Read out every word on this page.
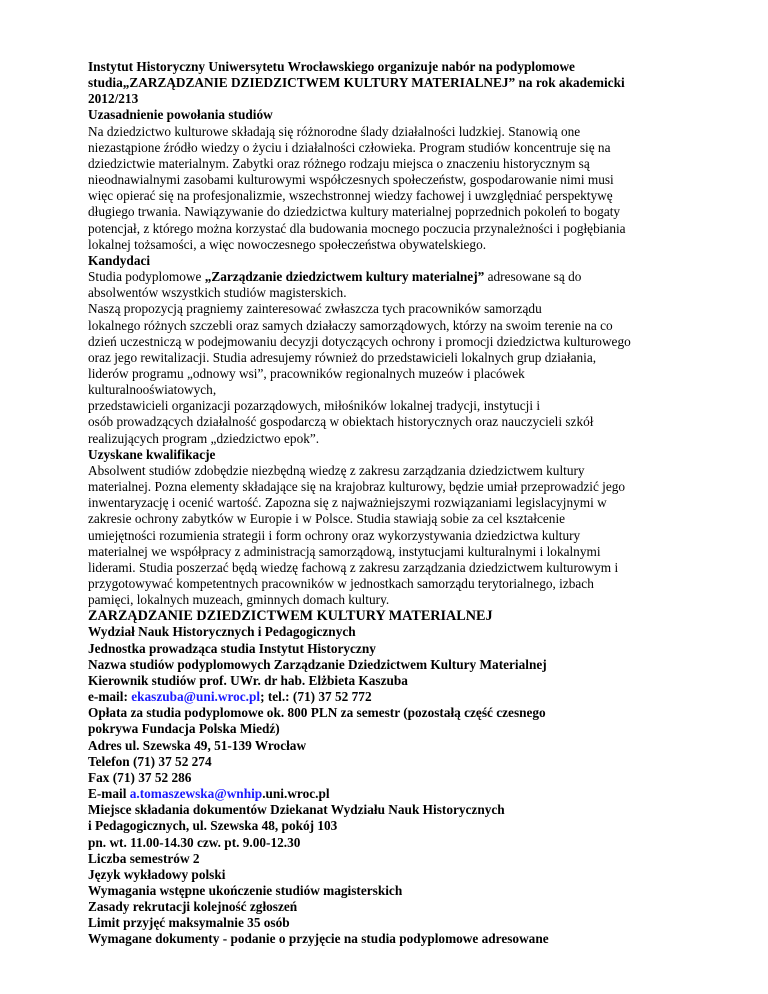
Instytut Historyczny Uniwersytetu Wrocławskiego organizuje nabór na podyplomowe
studia„ZARZĄDZANIE DZIEDZICTWEM KULTURY MATERIALNEJ” na rok akademicki
2012/213
Uzasadnienie powołania studiów
Na dziedzictwo kulturowe składają się różnorodne ślady działalności ludzkiej. Stanowią one
niezastąpione źródło wiedzy o życiu i działalności człowieka. Program studiów koncentruje się na
dziedzictwie materialnym. Zabytki oraz różnego rodzaju miejsca o znaczeniu historycznym są
nieodnawialnymi zasobami kulturowymi współczesnych społeczeństw, gospodarowanie nimi musi
więc opierać się na profesjonalizmie, wszechstronnej wiedzy fachowej i uwzględniać perspektywę
długiego trwania. Nawiązywanie do dziedzictwa kultury materialnej poprzednich pokoleń to bogaty
potencjał, z którego można korzystać dla budowania mocnego poczucia przynależności i pogłębiania
lokalnej tożsamości, a więc nowoczesnego społeczeństwa obywatelskiego.
Kandydaci
Studia podyplomowe „Zarządzanie dziedzictwem kultury materialnej” adresowane są do
absolwentów wszystkich studiów magisterskich.
Naszą propozycją pragniemy zainteresować zwłaszcza tych pracowników samorządu
lokalnego różnych szczebli oraz samych działaczy samorządowych, którzy na swoim terenie na co
dzień uczestniczą w podejmowaniu decyzji dotyczących ochrony i promocji dziedzictwa kulturowego
oraz jego rewitalizacji. Studia adresujemy również do przedstawicieli lokalnych grup działania,
liderów programu „odnowy wsi”, pracowników regionalnych muzeów i placówek
kulturalnooświatowych,
przedstawicieli organizacji pozarządowych, miłośników lokalnej tradycji, instytucji i
osób prowadzących działalność gospodarczą w obiektach historycznych oraz nauczycieli szkół
realizujących program „dziedzictwo epok”.
Uzyskane kwalifikacje
Absolwent studiów zdobędzie niezbędną wiedzę z zakresu zarządzania dziedzictwem kultury
materialnej. Pozna elementy składające się na krajobraz kulturowy, będzie umiał przeprowadzić jego
inwentaryzację i ocenić wartość. Zapozna się z najważniejszymi rozwiązaniami legislacyjnymi w
zakresie ochrony zabytków w Europie i w Polsce. Studia stawiają sobie za cel kształcenie
umiejętności rozumienia strategii i form ochrony oraz wykorzystywania dziedzictwa kultury
materialnej we współpracy z administracją samorządową, instytucjami kulturalnymi i lokalnymi
liderami. Studia poszerzać będą wiedzę fachową z zakresu zarządzania dziedzictwem kulturowym i
przygotowywać kompetentnych pracowników w jednostkach samorządu terytorialnego, izbach
pamięci, lokalnych muzeach, gminnych domach kultury.
ZARZĄDZANIE DZIEDZICTWEM KULTURY MATERIALNEJ
Wydział Nauk Historycznych i Pedagogicznych
Jednostka prowadząca studia Instytut Historyczny
Nazwa studiów podyplomowych Zarządzanie Dziedzictwem Kultury Materialnej
Kierownik studiów prof. UWr. dr hab. Elżbieta Kaszuba
e-mail: ekaszuba@uni.wroc.pl; tel.: (71) 37 52 772
Opłata za studia podyplomowe ok. 800 PLN za semestr (pozostałą część czesnego
pokrywa Fundacja Polska Miedź)
Adres ul. Szewska 49, 51-139 Wrocław
Telefon (71) 37 52 274
Fax (71) 37 52 286
E-mail a.tomaszewska@wnhip.uni.wroc.pl
Miejsce składania dokumentów Dziekanat Wydziału Nauk Historycznych
i Pedagogicznych, ul. Szewska 48, pokój 103
pn. wt. 11.00-14.30 czw. pt. 9.00-12.30
Liczba semestrów 2
Język wykładowy polski
Wymagania wstępne ukończenie studiów magisterskich
Zasady rekrutacji kolejność zgłoszeń
Limit przyjęć maksymalnie 35 osób
Wymagane dokumenty - podanie o przyjęcie na studia podyplomowe adresowane
